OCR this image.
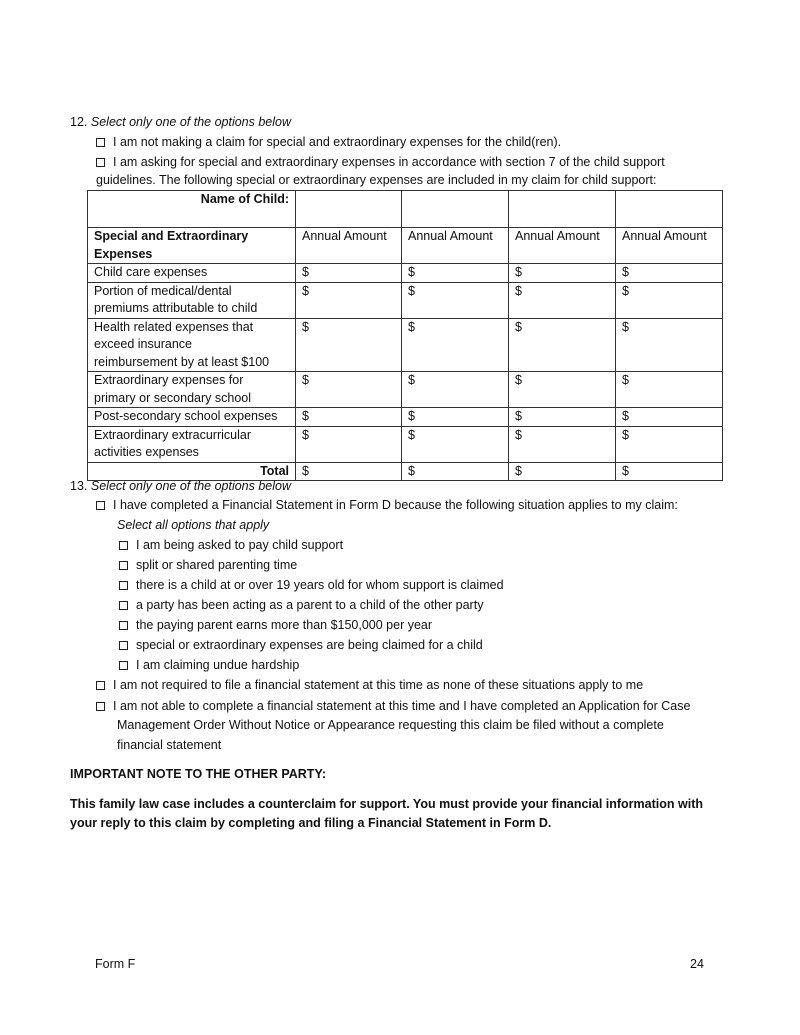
12. Select only one of the options below
I am not making a claim for special and extraordinary expenses for the child(ren).
I am asking for special and extraordinary expenses in accordance with section 7 of the child support
guidelines. The following special or extraordinary expenses are included in my claim for child support:
Name of Child:				
Special and Extraordinary Expenses	Annual Amount	Annual Amount	Annual Amount	Annual Amount

Child care expenses	$	$	$	$

Portion of medical/dental
premiums attributable to child	$	$	$	$

Health related expenses that
exceed insurance
reimbursement by at least $100	$	$	$	$

Extraordinary expenses for
primary or secondary school	$	$	$	$

Post-secondary school expenses	$	$	$	$

Extraordinary extracurricular
activities expenses	$	$	$	$
Total	$	$	$	$
13. Select only one of the options below
I have completed a Financial Statement in Form D because the following situation applies to my claim:
Select all options that apply
I am being asked to pay child support
split or shared parenting time
there is a child at or over 19 years old for whom support is claimed
a party has been acting as a parent to a child of the other party
the paying parent earns more than $150,000 per year
special or extraordinary expenses are being claimed for a child
I am claiming undue hardship
I am not required to file a financial statement at this time as none of these situations apply to me
I am not able to complete a financial statement at this time and I have completed an Application for Case
Management Order Without Notice or Appearance requesting this claim be filed without a complete
financial statement
IMPORTANT NOTE TO THE OTHER PARTY:
This family law case includes a counterclaim for support. You must provide your financial information with
your reply to this claim by completing and filing a Financial Statement in Form D.
Form F	24
